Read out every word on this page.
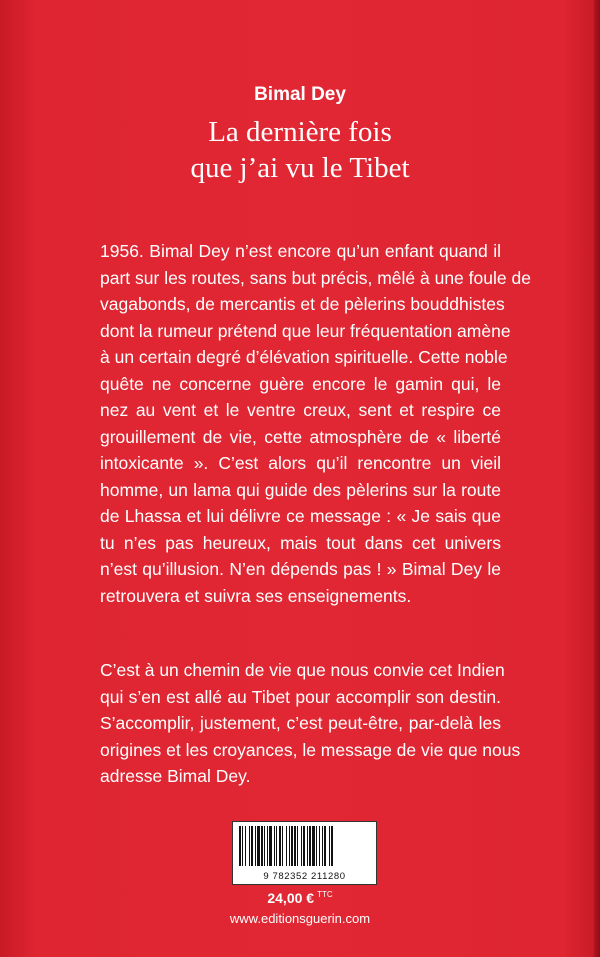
Bimal Dey
La dernière fois
que j’ai vu le Tibet
1956. Bimal Dey n’est encore qu’un enfant quand il
part sur les routes, sans but précis, mêlé à une foule de
vagabonds, de mercantis et de pèlerins bouddhistes
dont la rumeur prétend que leur fréquentation amène
à un certain degré d’élévation spirituelle. Cette noble
quête ne concerne guère encore le gamin qui, le
nez au vent et le ventre creux, sent et respire ce
grouillement de vie, cette atmosphère de « liberté
intoxicante ». C’est alors qu’il rencontre un vieil
homme, un lama qui guide des pèlerins sur la route
de Lhassa et lui délivre ce message : « Je sais que
tu n’es pas heureux, mais tout dans cet univers
n’est qu’illusion. N’en dépends pas ! » Bimal Dey le
retrouvera et suivra ses enseignements.
C’est à un chemin de vie que nous convie cet Indien
qui s’en est allé au Tibet pour accomplir son destin.
S’accomplir, justement, c’est peut-être, par-delà les
origines et les croyances, le message de vie que nous
adresse Bimal Dey.
9 782352 211280
24,00 € $^{TTC}$
www.editionsguerin.com
